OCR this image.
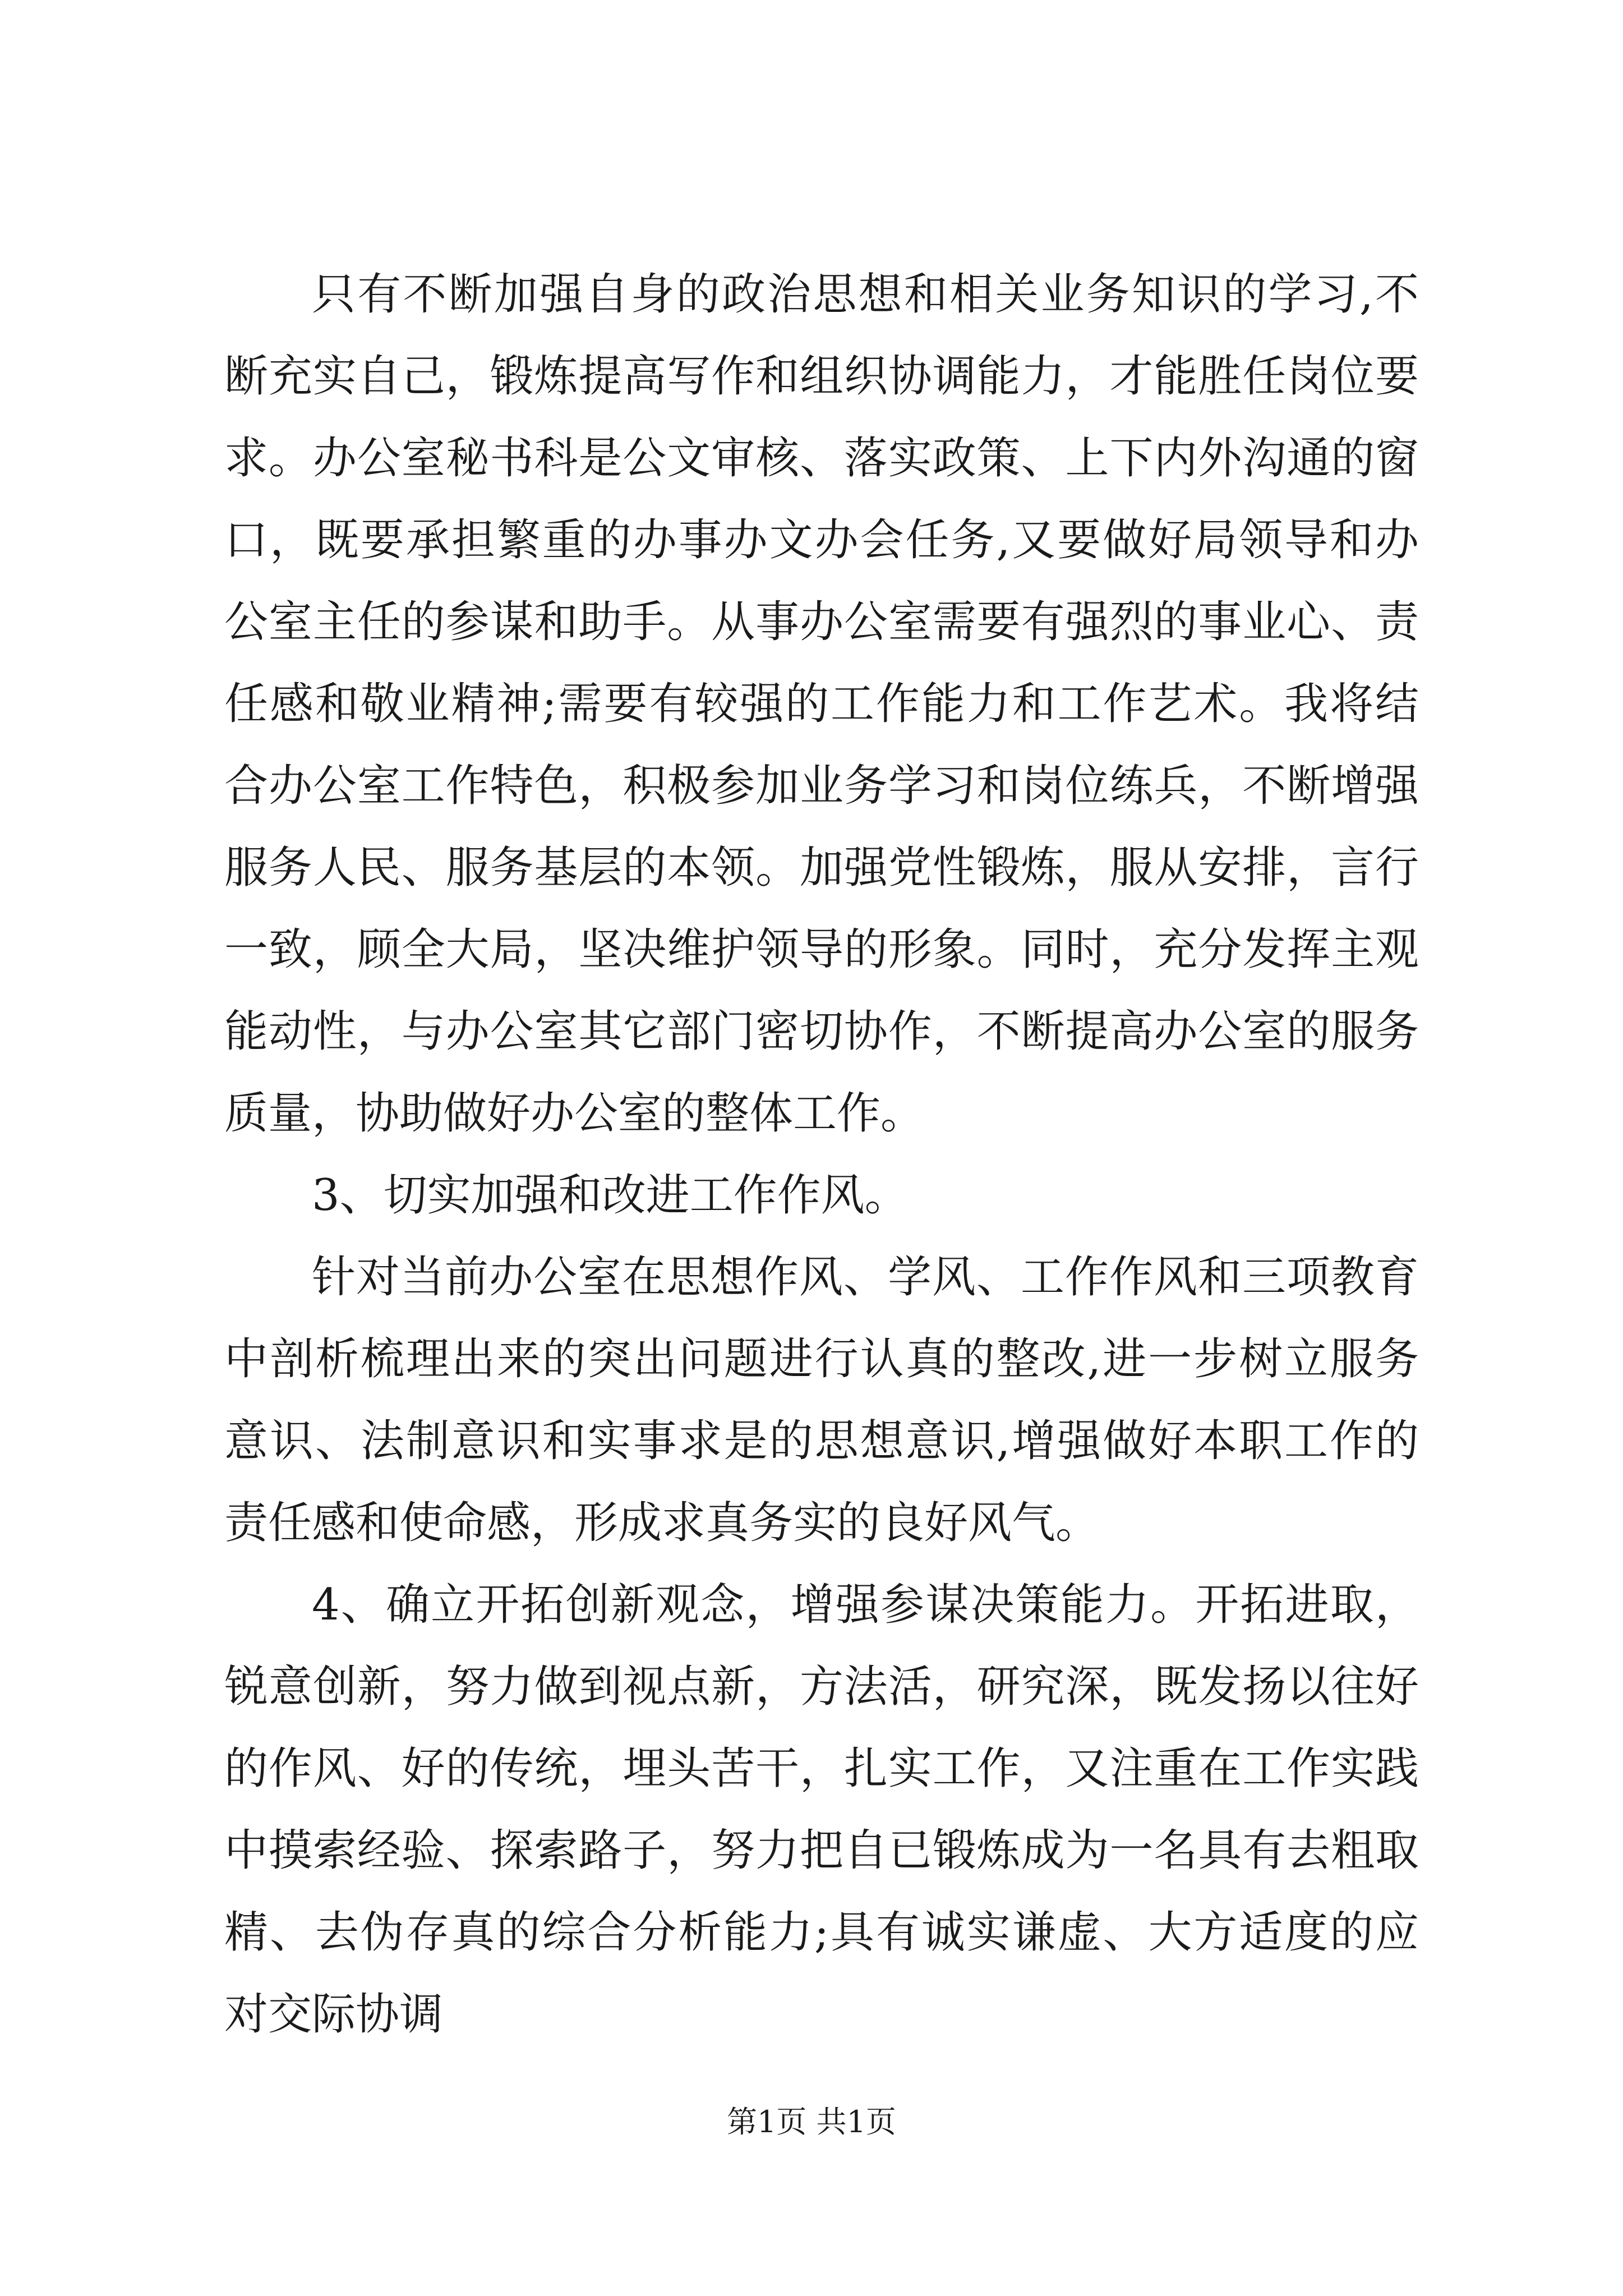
只有不断加强自身的政治思想和相关业务知识的学习,不断充实自己，锻炼提高写作和组织协调能力，才能胜任岗位要求。办公室秘书科是公文审核、落实政策、上下内外沟通的窗口，既要承担繁重的办事办文办会任务,又要做好局领导和办公室主任的参谋和助手。从事办公室需要有强烈的事业心、责任感和敬业精神;需要有较强的工作能力和工作艺术。我将结合办公室工作特色，积极参加业务学习和岗位练兵，不断增强服务人民、服务基层的本领。加强党性锻炼，服从安排，言行一致，顾全大局，坚决维护领导的形象。同时，充分发挥主观能动性，与办公室其它部门密切协作，不断提高办公室的服务质量，协助做好办公室的整体工作。

3、切实加强和改进工作作风。

针对当前办公室在思想作风、学风、工作作风和三项教育中剖析梳理出来的突出问题进行认真的整改,进一步树立服务意识、法制意识和实事求是的思想意识,增强做好本职工作的责任感和使命感，形成求真务实的良好风气。

4、确立开拓创新观念，增强参谋决策能力。开拓进取，锐意创新，努力做到视点新，方法活，研究深，既发扬以往好的作风、好的传统，埋头苦干，扎实工作，又注重在工作实践中摸索经验、探索路子，努力把自已锻炼成为一名具有去粗取精、去伪存真的综合分析能力;具有诚实谦虚、大方适度的应对交际协调

第1页 共1页
